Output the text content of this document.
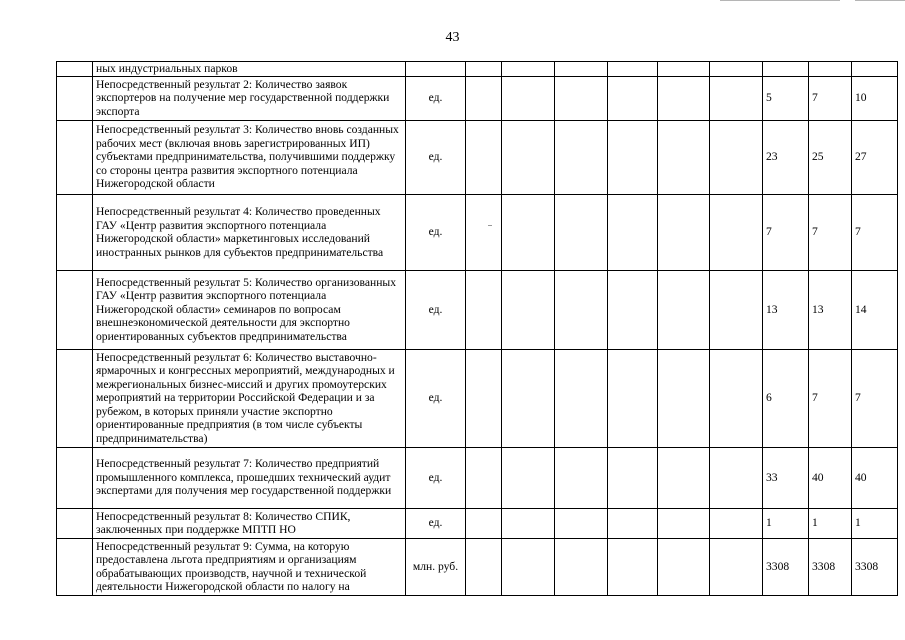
43
	ных индустриальных парков										
	Непосредственный результат 2: Количество заявок экспортеров на получение мер государственной поддержки экспорта	ед.							5	7	10
	Непосредственный результат 3: Количество вновь созданных рабочих мест (включая вновь зарегистрированных ИП) субъектами предпринимательства, получившими поддержку со стороны центра развития экспортного потенциала Нижегородской области	ед.							23	25	27
	Непосредственный результат 4: Количество проведенных ГАУ «Центр развития экспортного потенциала Нижегородской области» маркетинговых исследований иностранных рынков для субъектов предпринимательства	ед.							7	7	7
	Непосредственный результат 5: Количество организованных ГАУ «Центр развития экспортного потенциала Нижегородской области» семинаров по вопросам внешнеэкономической деятельности для экспортно ориентированных субъектов предпринимательства	ед.							13	13	14
	Непосредственный результат 6: Количество выставочно-ярмарочных и конгрессных мероприятий, международных и межрегиональных бизнес-миссий и других промоутерских мероприятий на территории Российской Федерации и за рубежом, в которых приняли участие экспортно ориентированные предприятия (в том числе субъекты предпринимательства)	ед.							6	7	7
	Непосредственный результат 7: Количество предприятий промышленного комплекса, прошедших технический аудит экспертами для получения мер государственной поддержки	ед.							33	40	40
	Непосредственный результат 8: Количество СПИК, заключенных при поддержке МПТП НО	ед.							1	1	1
	Непосредственный результат 9: Сумма, на которую предоставлена льгота предприятиям и организациям обрабатывающих производств, научной и технической деятельности Нижегородской области по налогу на	млн. руб.							3308	3308	3308
